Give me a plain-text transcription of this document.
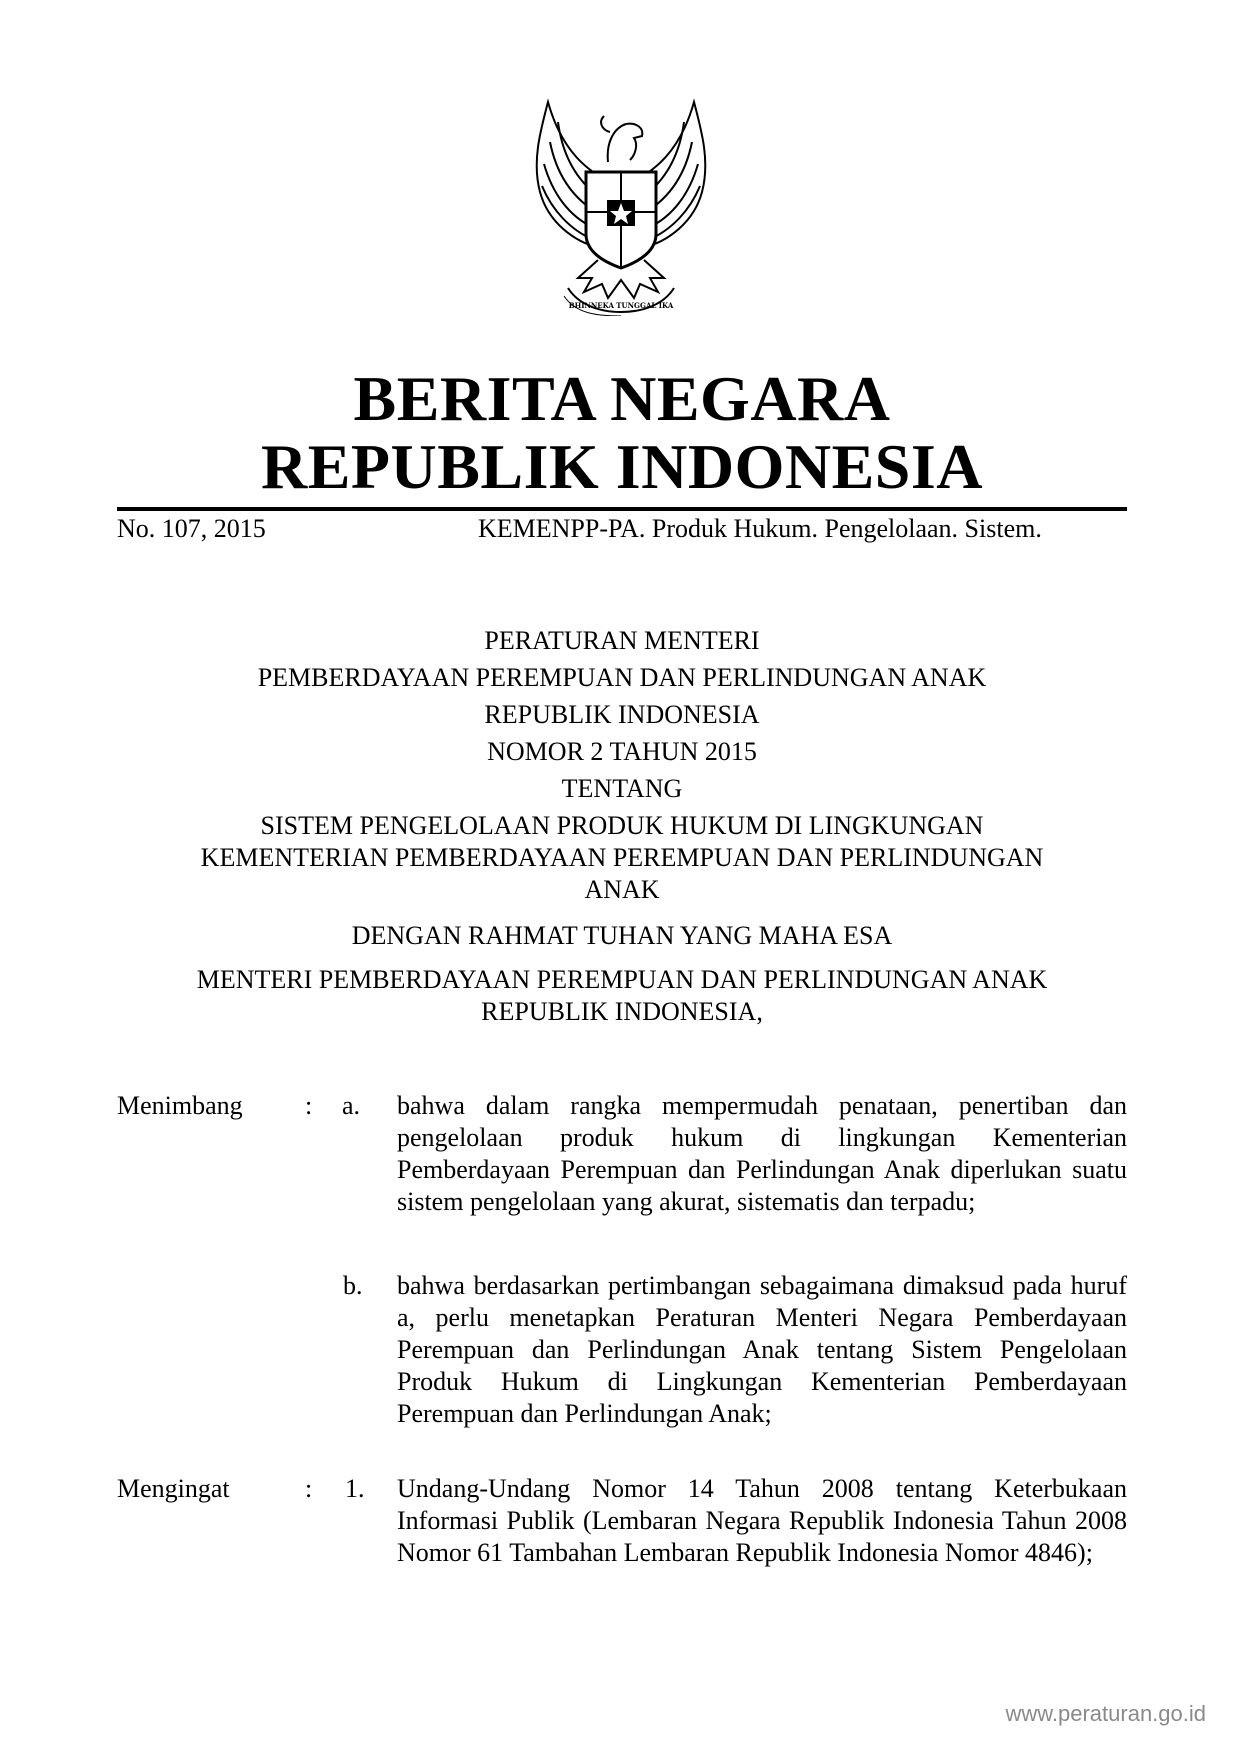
BHINNEKA TUNGGAL IKA
BERITA NEGARA
REPUBLIK INDONESIA
No. 107, 2015	KEMENPP-PA. Produk Hukum. Pengelolaan. Sistem.
PERATURAN MENTERI
PEMBERDAYAAN PEREMPUAN DAN PERLINDUNGAN ANAK
REPUBLIK INDONESIA
NOMOR 2 TAHUN 2015
TENTANG
SISTEM PENGELOLAAN PRODUK HUKUM DI LINGKUNGAN
KEMENTERIAN PEMBERDAYAAN PEREMPUAN DAN PERLINDUNGAN
ANAK
DENGAN RAHMAT TUHAN YANG MAHA ESA
MENTERI PEMBERDAYAAN PEREMPUAN DAN PERLINDUNGAN ANAK
REPUBLIK INDONESIA,
Menimbang : a. bahwa dalam rangka mempermudah penataan, penertiban dan pengelolaan produk hukum di lingkungan Kementerian Pemberdayaan Perempuan dan Perlindungan Anak diperlukan suatu sistem pengelolaan yang akurat, sistematis dan terpadu;
b. bahwa berdasarkan pertimbangan sebagaimana dimaksud pada huruf a, perlu menetapkan Peraturan Menteri Negara Pemberdayaan Perempuan dan Perlindungan Anak tentang Sistem Pengelolaan Produk Hukum di Lingkungan Kementerian Pemberdayaan Perempuan dan Perlindungan Anak;
Mengingat	: 1. Undang-Undang Nomor 14 Tahun 2008 tentang Keterbukaan Informasi Publik (Lembaran Negara Republik Indonesia Tahun 2008 Nomor 61 Tambahan Lembaran Republik Indonesia Nomor 4846);
www.peraturan.go.id
